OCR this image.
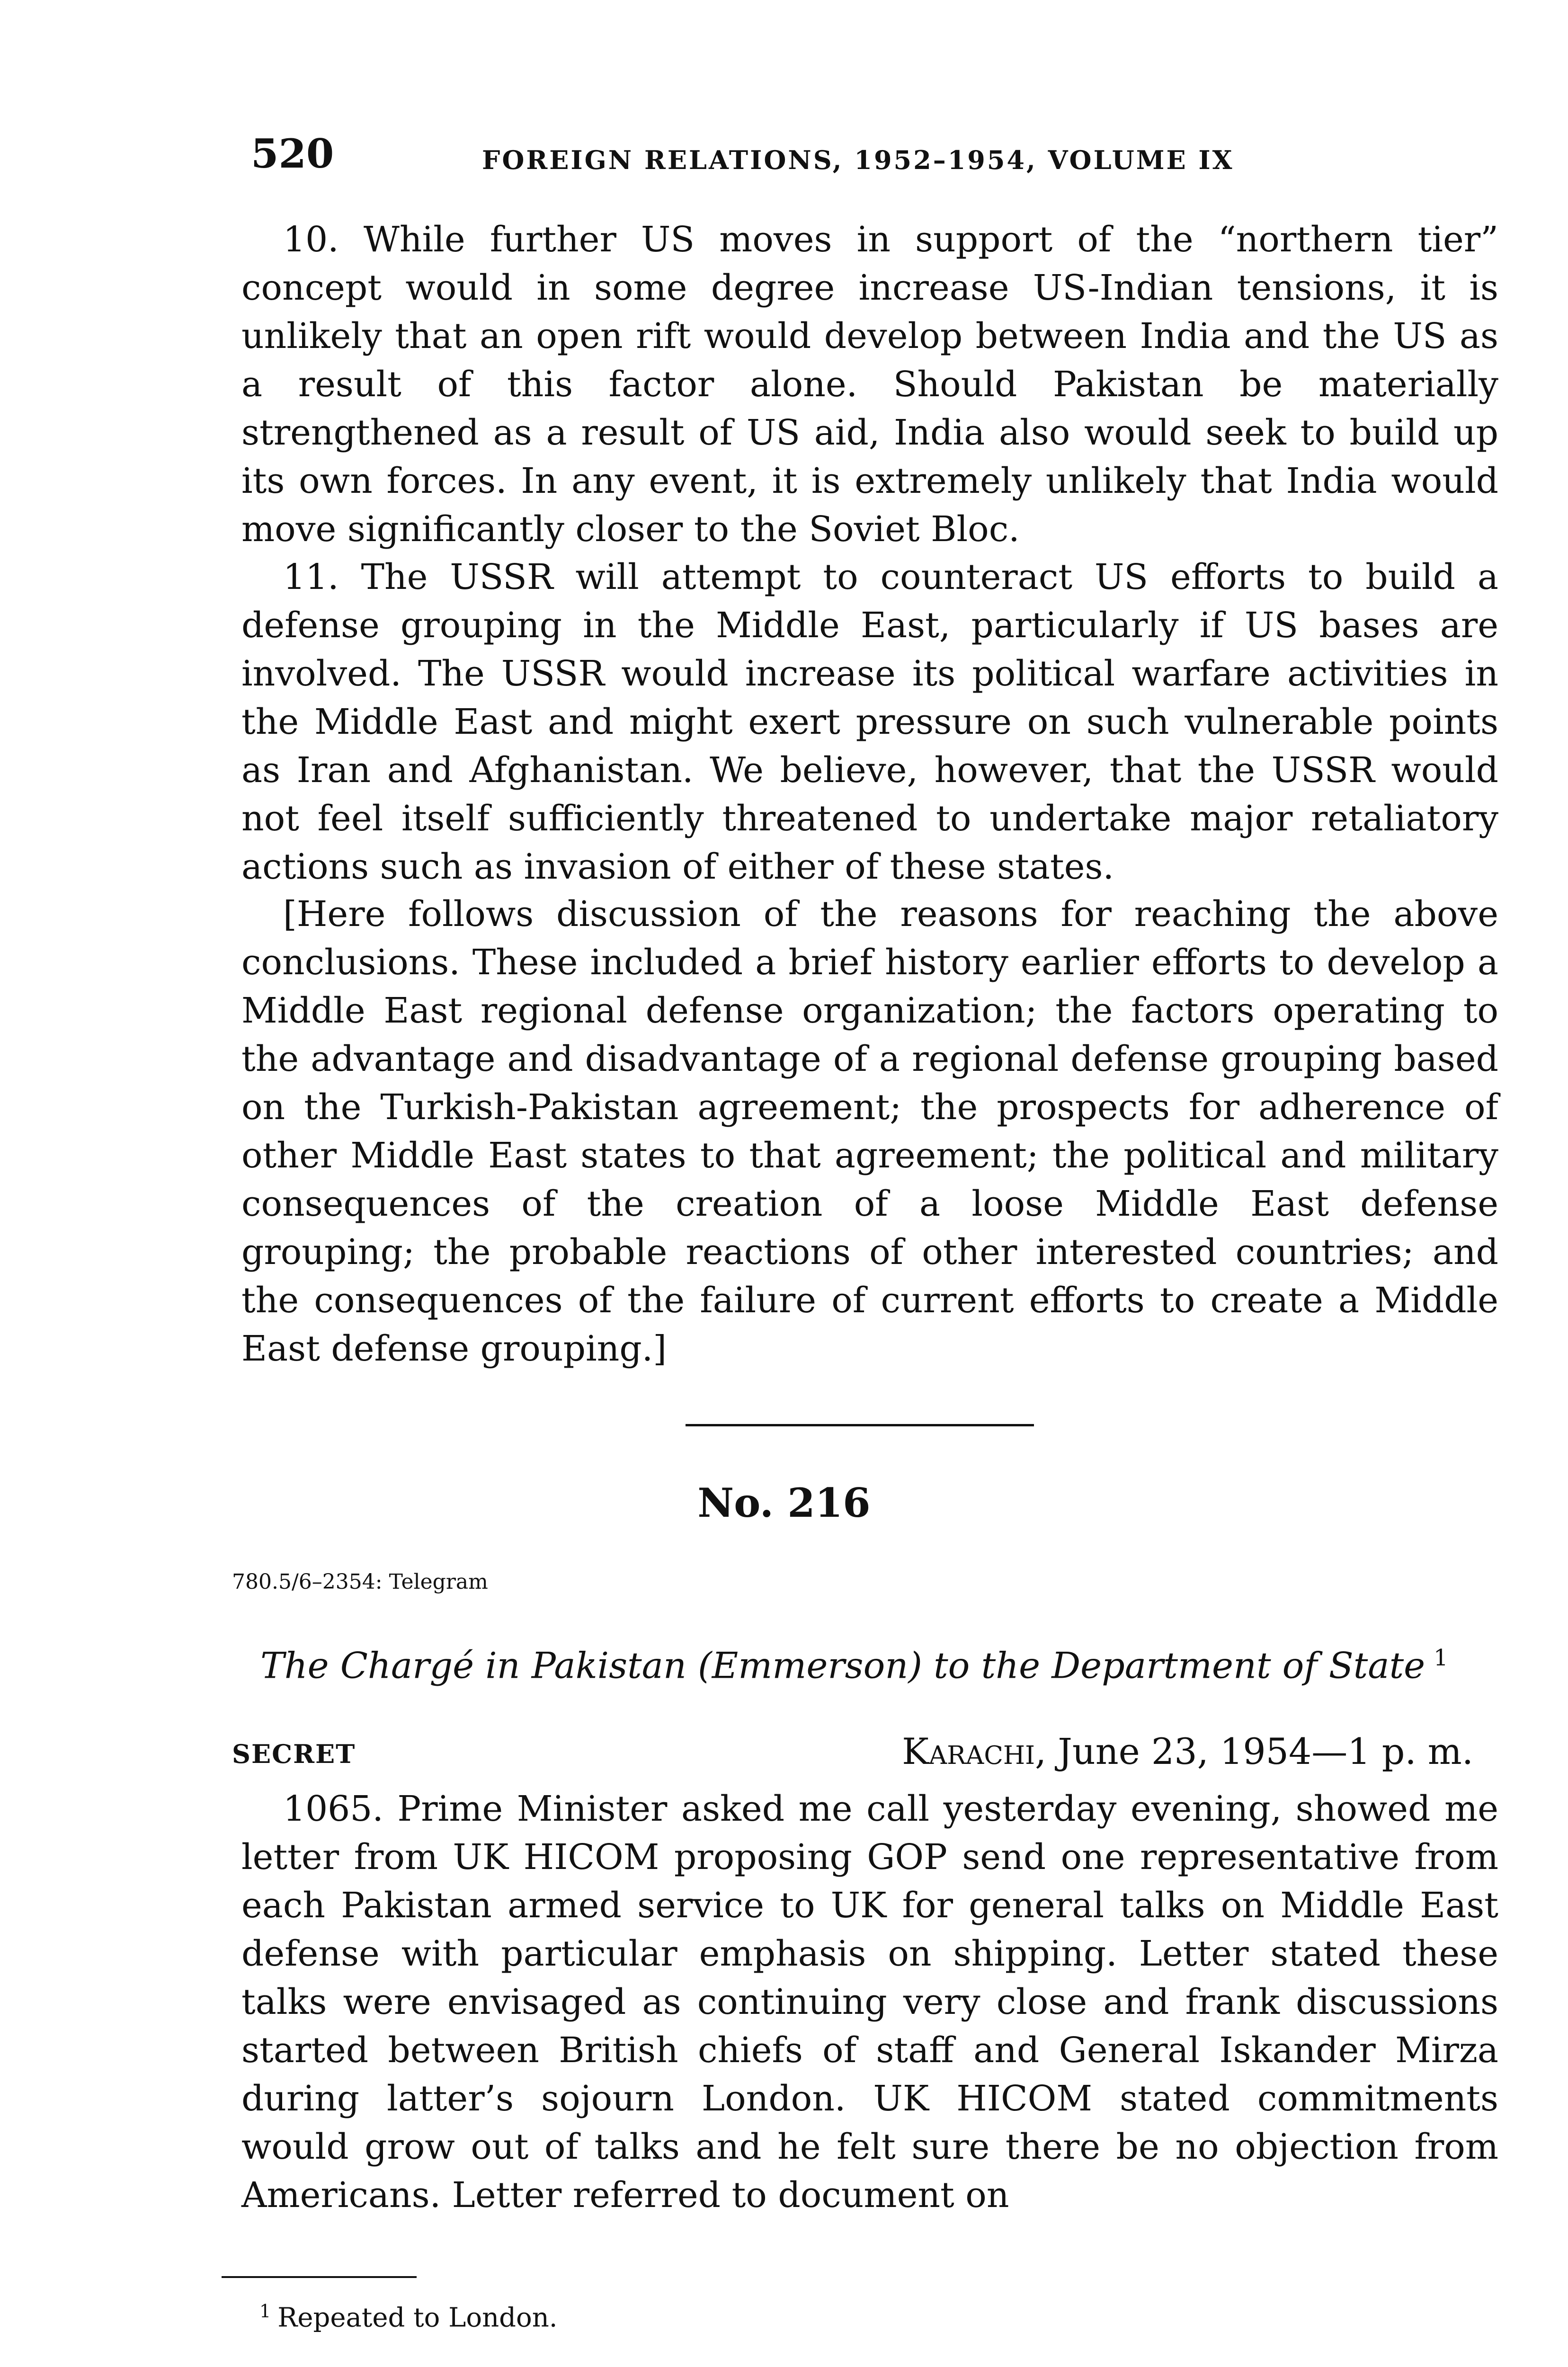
520	FOREIGN RELATIONS, 1952–1954, VOLUME IX

10. While further US moves in support of the “northern tier” concept would in some degree increase US-Indian tensions, it is unlikely that an open rift would develop between India and the US as a result of this factor alone. Should Pakistan be materially strengthened as a result of US aid, India also would seek to build up its own forces. In any event, it is extremely unlikely that India would move significantly closer to the Soviet Bloc.

11. The USSR will attempt to counteract US efforts to build a defense grouping in the Middle East, particularly if US bases are involved. The USSR would increase its political warfare activities in the Middle East and might exert pressure on such vulnerable points as Iran and Afghanistan. We believe, however, that the USSR would not feel itself sufficiently threatened to undertake major retaliatory actions such as invasion of either of these states.

[Here follows discussion of the reasons for reaching the above conclusions. These included a brief history earlier efforts to develop a Middle East regional defense organization; the factors operating to the advantage and disadvantage of a regional defense grouping based on the Turkish-Pakistan agreement; the prospects for adherence of other Middle East states to that agreement; the political and military consequences of the creation of a loose Middle East defense grouping; the probable reactions of other interested countries; and the consequences of the failure of current efforts to create a Middle East defense grouping.]

No. 216
780.5/6–2354: Telegram
The Chargé in Pakistan (Emmerson) to the Department of State $^1$
SECRET	Karachi, June 23, 1954—1 p. m.

1065. Prime Minister asked me call yesterday evening, showed me letter from UK HICOM proposing GOP send one representative from each Pakistan armed service to UK for general talks on Middle East defense with particular emphasis on shipping. Letter stated these talks were envisaged as continuing very close and frank discussions started between British chiefs of staff and General Iskander Mirza during latter’s sojourn London. UK HICOM stated commitments would grow out of talks and he felt sure there be no objection from Americans. Letter referred to document on

$^1$ Repeated to London.
